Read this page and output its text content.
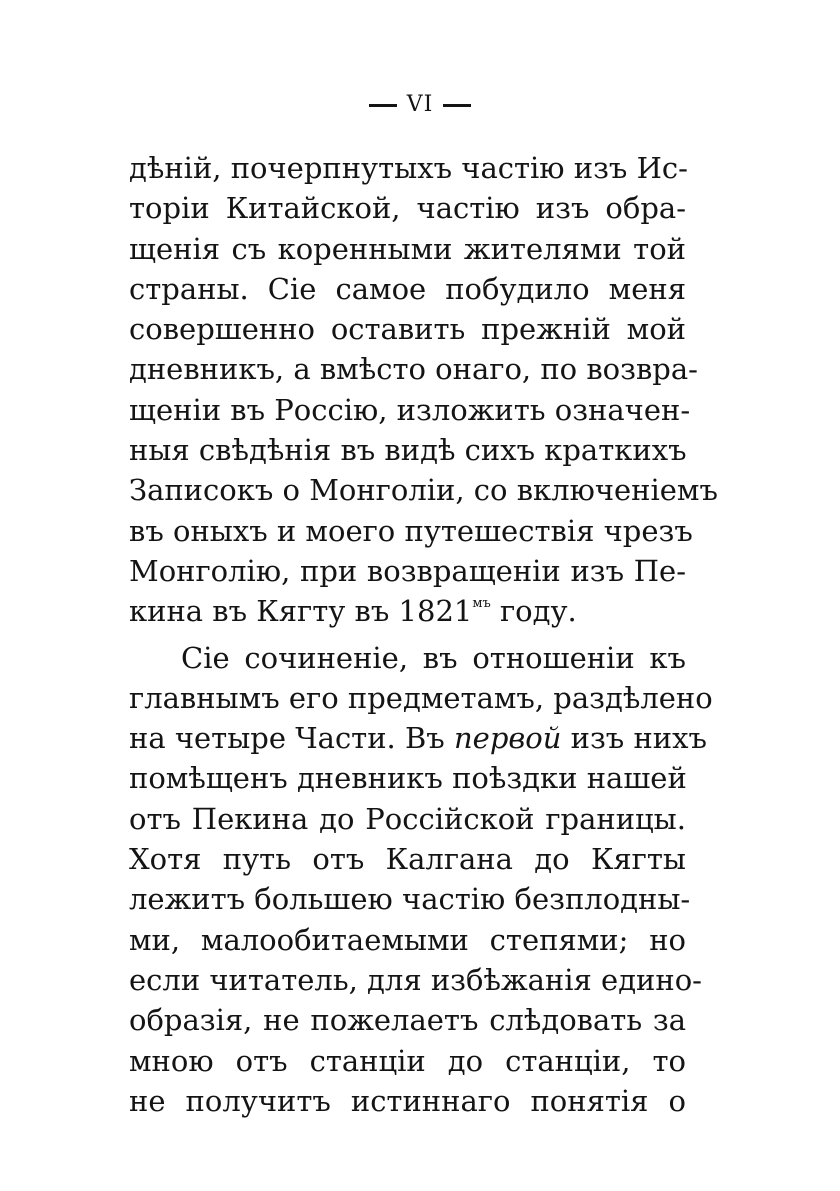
VI
дѣній, почерпнутыхъ частію изъ Ис-
торіи Китайской, частію изъ обра-
щенія съ коренными жителями той
страны. Сіе самое побудило меня
совершенно оставить прежній мой
дневникъ, а вмѣсто онаго, по возвра-
щеніи въ Россію, изложить означен-
ныя свѣдѣнія въ видѣ сихъ краткихъ
Записокъ о Монголіи, со включеніемъ
въ оныхъ и моего путешествія чрезъ
Монголію, при возвращеніи изъ Пе-
кина въ Кягту въ $1821^{мъ}$ году.
Сіе сочиненіе, въ отношеніи къ
главнымъ его предметамъ, раздѣлено
на четыре Части. Въ первой изъ нихъ
помѣщенъ дневникъ поѣздки нашей
отъ Пекина до Россійской границы.
Хотя путь отъ Калгана до Кягты
лежитъ большею частію безплодны-
ми, малообитаемыми степями; но
если читатель, для избѣжанія едино-
образія, не пожелаетъ слѣдовать за
мною отъ станціи до станціи, то
не получитъ истиннаго понятія о
